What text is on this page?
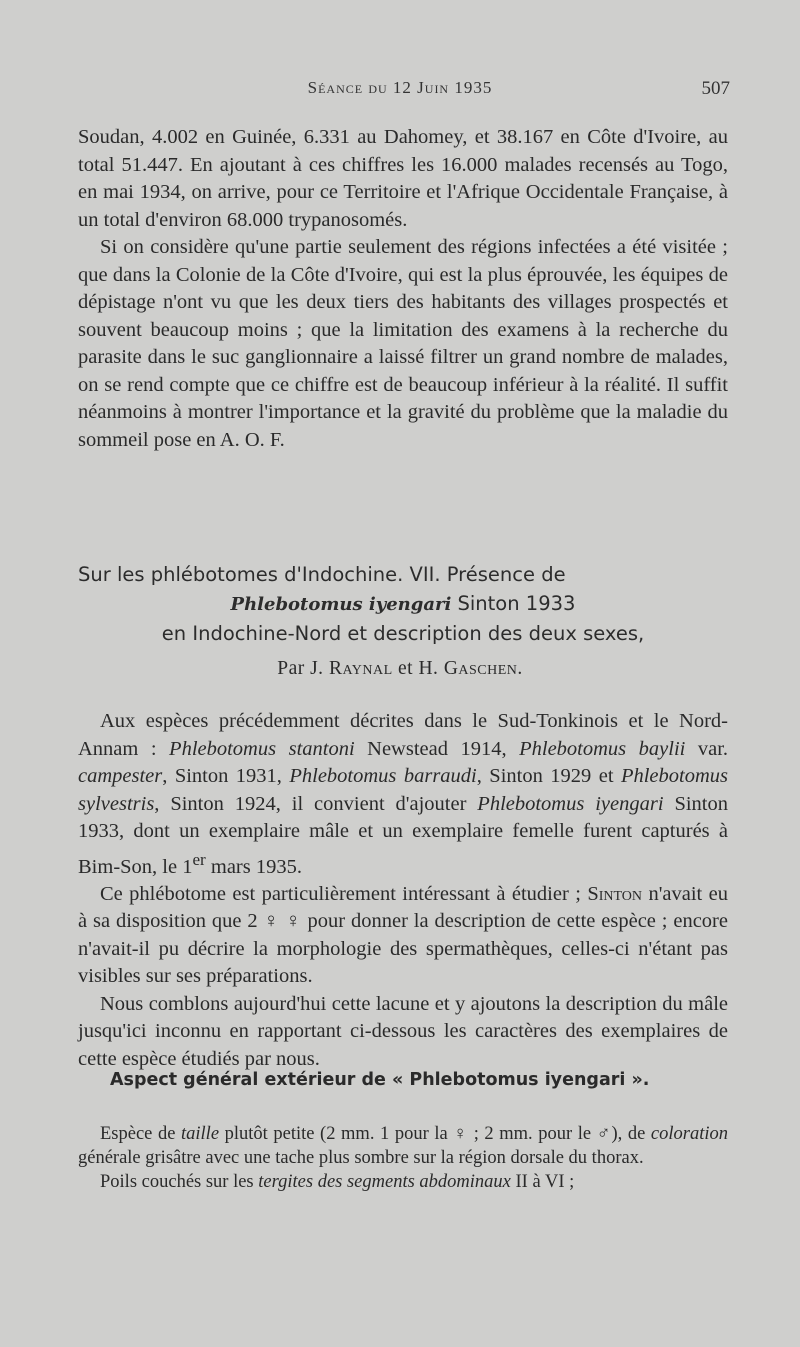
Séance du 12 Juin 1935	507

Soudan, 4.002 en Guinée, 6.331 au Dahomey, et 38.167 en Côte d'Ivoire, au total 51.447. En ajoutant à ces chiffres les 16.000 malades recensés au Togo, en mai 1934, on arrive, pour ce Territoire et l'Afrique Occidentale Française, à un total d'environ 68.000 trypanosomés.

Si on considère qu'une partie seulement des régions infectées a été visitée ; que dans la Colonie de la Côte d'Ivoire, qui est la plus éprouvée, les équipes de dépistage n'ont vu que les deux tiers des habitants des villages prospectés et souvent beaucoup moins ; que la limitation des examens à la recherche du parasite dans le suc ganglionnaire a laissé filtrer un grand nombre de malades, on se rend compte que ce chiffre est de beaucoup inférieur à la réalité. Il suffit néanmoins à montrer l'importance et la gravité du problème que la maladie du sommeil pose en A. O. F.

Sur les phlébotomes d'Indochine. VII. Présence de
Phlebotomus iyengari Sinton 1933
en Indochine-Nord et description des deux sexes,
Par J. Raynal et H. Gaschen.

Aux espèces précédemment décrites dans le Sud-Tonkinois et le Nord-Annam : Phlebotomus stantoni Newstead 1914, Phlebotomus baylii var. campester, Sinton 1931, Phlebotomus barraudi, Sinton 1929 et Phlebotomus sylvestris, Sinton 1924, il convient d'ajouter Phlebotomus iyengari Sinton 1933, dont un exemplaire mâle et un exemplaire femelle furent capturés à Bim-Son, le 1er mars 1935.

Ce phlébotome est particulièrement intéressant à étudier ; Sinton n'avait eu à sa disposition que 2 ♀ ♀ pour donner la description de cette espèce ; encore n'avait-il pu décrire la morphologie des spermathèques, celles-ci n'étant pas visibles sur ses préparations.

Nous comblons aujourd'hui cette lacune et y ajoutons la description du mâle jusqu'ici inconnu en rapportant ci-dessous les caractères des exemplaires de cette espèce étudiés par nous.

Aspect général extérieur de « Phlebotomus iyengari ».

Espèce de taille plutôt petite (2 mm. 1 pour la ♀ ; 2 mm. pour le ♂), de coloration générale grisâtre avec une tache plus sombre sur la région dorsale du thorax.

Poils couchés sur les tergites des segments abdominaux II à VI ;
